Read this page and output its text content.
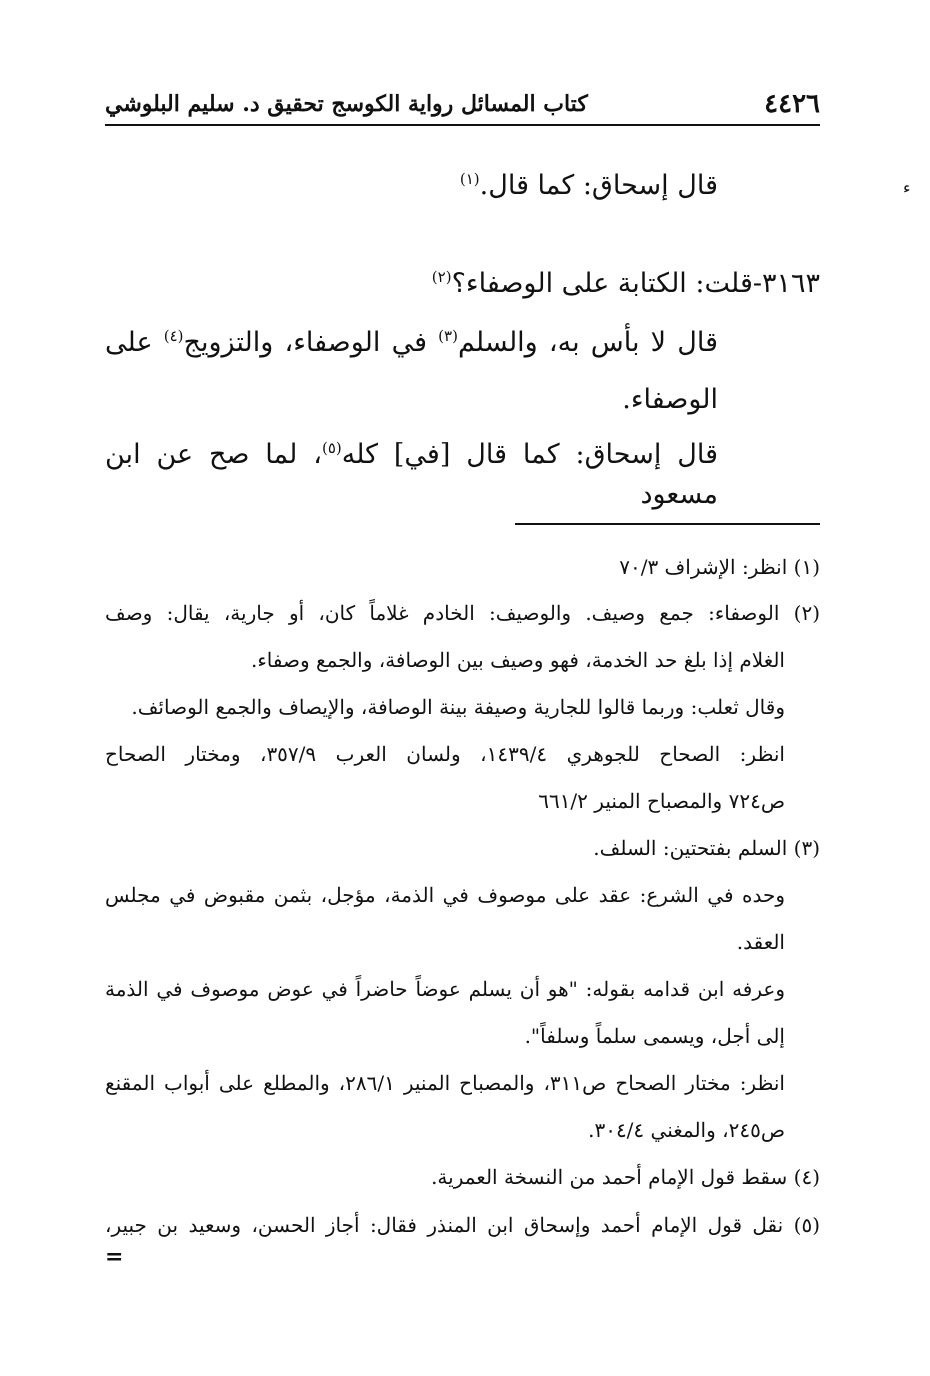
٤٤٢٦
كتاب المسائل رواية الكوسج تحقيق د. سليم البلوشي
ﺀ
قال إسحاق: كما قال.$^{(١)}$
٣١٦٣-قلت: الكتابة على الوصفاء؟$^{(٢)}$
قال لا بأس به، والسلم$^{(٣)}$ في الوصفاء، والتزويج$^{(٤)}$ على
الوصفاء.
قال إسحاق: كما قال [في] كله$^{(٥)}$، لما صح عن ابن مسعود
(١) انظر: الإشراف ٧٠/٣
(٢) الوصفاء: جمع وصيف. والوصيف: الخادم غلاماً كان، أو جارية، يقال: وصف
الغلام إذا بلغ حد الخدمة، فهو وصيف بين الوصافة، والجمع وصفاء.
وقال ثعلب: وربما قالوا للجارية وصيفة بينة الوصافة، والإيصاف والجمع الوصائف.
انظر: الصحاح للجوهري ١٤٣٩/٤، ولسان العرب ٣٥٧/٩، ومختار الصحاح
ص٧٢٤ والمصباح المنير ٦٦١/٢
(٣) السلم بفتحتين: السلف.
وحده في الشرع: عقد على موصوف في الذمة، مؤجل، بثمن مقبوض في مجلس
العقد.
وعرفه ابن قدامه بقوله: "هو أن يسلم عوضاً حاضراً في عوض موصوف في الذمة
إلى أجل، ويسمى سلماً وسلفاً".
انظر: مختار الصحاح ص٣١١، والمصباح المنير ٢٨٦/١، والمطلع على أبواب المقنع
ص٢٤٥، والمغني ٣٠٤/٤.
(٤) سقط قول الإمام أحمد من النسخة العمرية.
(٥) نقل قول الإمام أحمد وإسحاق ابن المنذر فقال: أجاز الحسن، وسعيد بن جبير،
=
